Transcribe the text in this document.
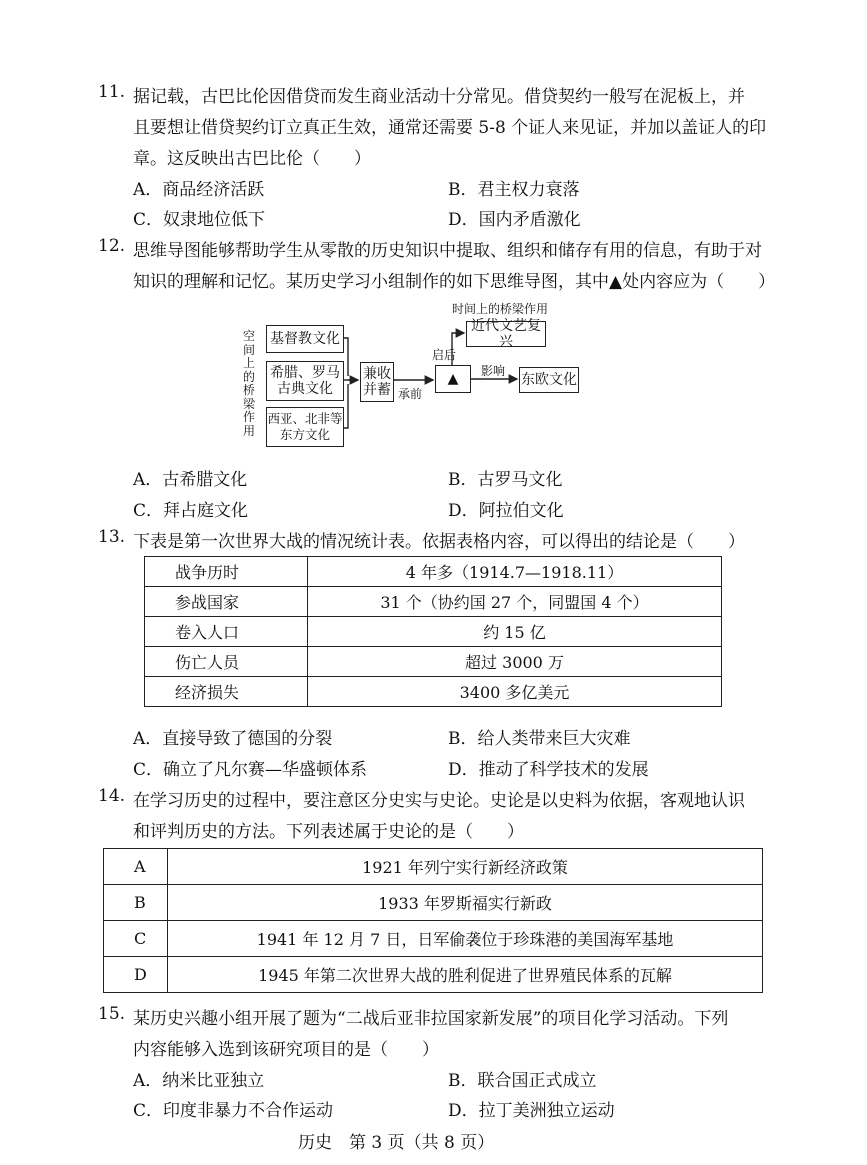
11. 据记载，古巴比伦因借贷而发生商业活动十分常见。借贷契约一般写在泥板上，并
且要想让借贷契约订立真正生效，通常还需要 5-8 个证人来见证，并加以盖证人的印
章。这反映出古巴比伦（　　）
A．商品经济活跃	B．君主权力衰落
C．奴隶地位低下	D．国内矛盾激化
12. 思维导图能够帮助学生从零散的历史知识中提取、组织和储存有用的信息，有助于对
知识的理解和记忆。某历史学习小组制作的如下思维导图，其中▲处内容应为（　　）
时间上的桥梁作用
空间上的桥梁作用
基督教文化
希腊、罗马
古典文化
西亚、北非等
东方文化
兼收
并蓄 承前
启后
▲	影响
近代文艺复兴
东欧文化
A．古希腊文化	B．古罗马文化
C．拜占庭文化	D．阿拉伯文化
13. 下表是第一次世界大战的情况统计表。依据表格内容，可以得出的结论是（　　）
战争历时	4 年多（1914.7—1918.11）
参战国家	31 个（协约国 27 个，同盟国 4 个）
卷入人口	约 15 亿
伤亡人员	超过 3000 万
经济损失	3400 多亿美元
A．直接导致了德国的分裂	B．给人类带来巨大灾难
C．确立了凡尔赛—华盛顿体系	D．推动了科学技术的发展
14. 在学习历史的过程中，要注意区分史实与史论。史论是以史料为依据，客观地认识
和评判历史的方法。下列表述属于史论的是（　　）
A	1921 年列宁实行新经济政策
B	1933 年罗斯福实行新政
C	1941 年 12 月 7 日，日军偷袭位于珍珠港的美国海军基地
D	1945 年第二次世界大战的胜利促进了世界殖民体系的瓦解
15. 某历史兴趣小组开展了题为“二战后亚非拉国家新发展”的项目化学习活动。下列
内容能够入选到该研究项目的是（　　）
A．纳米比亚独立	B．联合国正式成立
C．印度非暴力不合作运动	D．拉丁美洲独立运动
历史　第 3 页（共 8 页）
